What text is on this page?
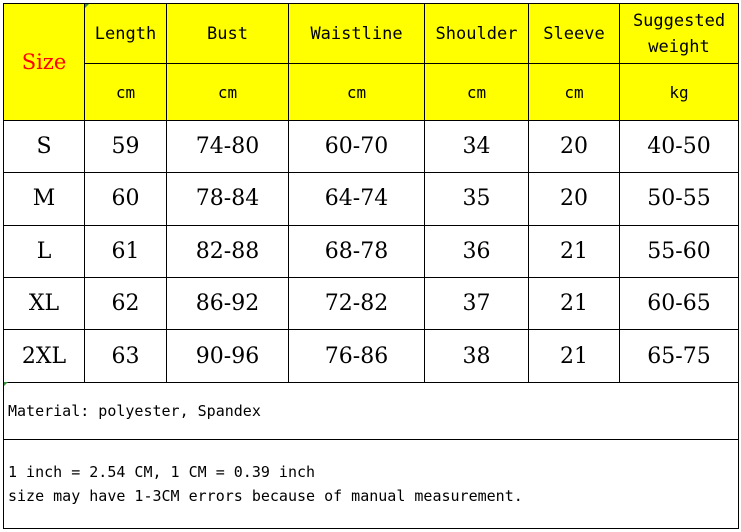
Size	Length	Bust	Waistline	Shoulder	Sleeve	Suggested
weight
	cm	cm	cm	cm	cm	kg
S	59	74-80	60-70	34	20	40-50
M	60	78-84	64-74	35	20	50-55
L	61	82-88	68-78	36	21	55-60
XL	62	86-92	72-82	37	21	60-65
2XL	63	90-96	76-86	38	21	65-75

Material: polyester, Spandex						

1 inch = 2.54 CM, 1 CM = 0.39 inch
size may have 1-3CM errors because of manual measurement.						
